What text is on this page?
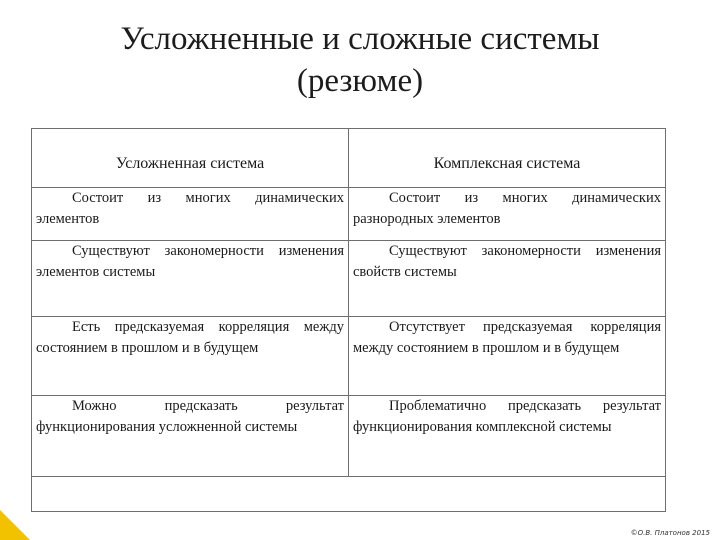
Усложненные и сложные системы
(резюме)
Усложненная система	Комплексная система
Состоит из многих динамических элементов	Состоит из многих динамических разнородных элементов
Существуют закономерности изменения элементов системы	Существуют закономерности изменения свойств системы
Есть предсказуемая корреляция между состоянием в прошлом и в будущем	Отсутствует предсказуемая корреляция между состоянием в прошлом и в будущем
Можно предсказать результат функционирования усложненной системы	Проблематично предсказать результат функционирования комплексной системы

©О.В. Платонов 2015
